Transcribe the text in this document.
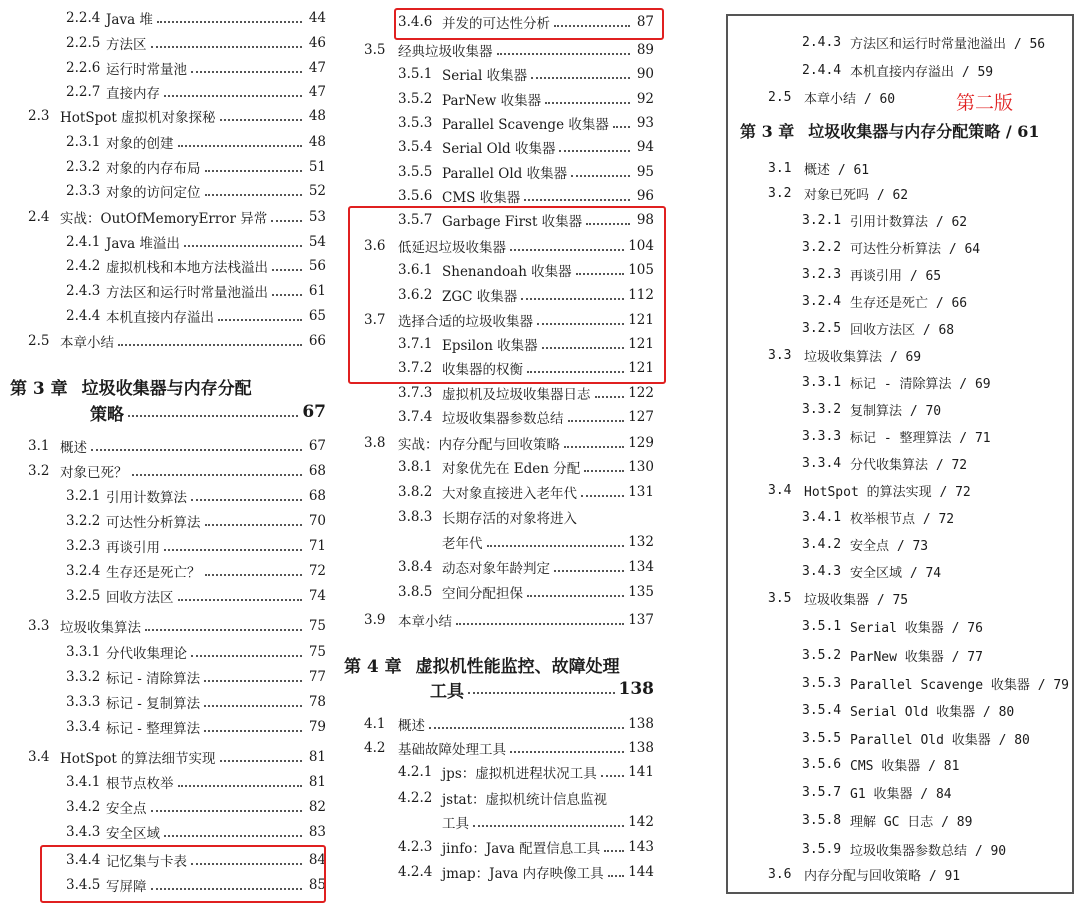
2.2.4 Java 堆	44
2.2.5 方法区	46
2.2.6 运行时常量池	47
2.2.7 直接内存	47
2.3 HotSpot 虚拟机对象探秘	48
2.3.1 对象的创建	48
2.3.2 对象的内存布局	51
2.3.3 对象的访问定位	52
2.4 实战：OutOfMemoryError 异常	53
2.4.1 Java 堆溢出	54
2.4.2 虚拟机栈和本地方法栈溢出	56
2.4.3 方法区和运行时常量池溢出	61
2.4.4 本机直接内存溢出	65
2.5 本章小结	66
第 3 章 垃圾收集器与内存分配
策略	67
3.1 概述	67
3.2 对象已死？	68
3.2.1 引用计数算法	68
3.2.2 可达性分析算法	70
3.2.3 再谈引用	71
3.2.4 生存还是死亡？	72
3.2.5 回收方法区	74
3.3 垃圾收集算法	75
3.3.1 分代收集理论	75
3.3.2 标记 - 清除算法	77
3.3.3 标记 - 复制算法	78
3.3.4 标记 - 整理算法	79
3.4 HotSpot 的算法细节实现	81
3.4.1 根节点枚举	81
3.4.2 安全点	82
3.4.3 安全区域	83
3.4.4 记忆集与卡表	84
3.4.5 写屏障	85
3.4.6 并发的可达性分析	87
3.5 经典垃圾收集器	89
3.5.1 Serial 收集器	90
3.5.2 ParNew 收集器	92
3.5.3 Parallel Scavenge 收集器 93
3.5.4 Serial Old 收集器	94
3.5.5 Parallel Old 收集器	95
3.5.6 CMS 收集器	96
3.5.7 Garbage First 收集器	98
3.6 低延迟垃圾收集器	104
3.6.1 Shenandoah 收集器	105
3.6.2 ZGC 收集器	112
3.7 选择合适的垃圾收集器	121
3.7.1 Epsilon 收集器	121
3.7.2 收集器的权衡	121
3.7.3 虚拟机及垃圾收集器日志	122
3.7.4 垃圾收集器参数总结	127
3.8 实战：内存分配与回收策略	129
3.8.1 对象优先在 Eden 分配	130
3.8.2 大对象直接进入老年代	131
3.8.3 长期存活的对象将进入
老年代	132
3.8.4 动态对象年龄判定	134
3.8.5 空间分配担保	135
3.9 本章小结	137
第 4 章 虚拟机性能监控、故障处理
工具	138
4.1 概述	138
4.2 基础故障处理工具	138
4.2.1 jps：虚拟机进程状况工具 141
4.2.2 jstat：虚拟机统计信息监视
工具	142
4.2.3 jinfo：Java 配置信息工具 143
4.2.4 jmap：Java 内存映像工具 144
第二版
2.4.3 方法区和运行时常量池溢出 / 56
2.4.4 本机直接内存溢出 / 59
2.5 本章小结 / 60
第 3 章 垃圾收集器与内存分配策略 / 61
3.1 概述 / 61
3.2 对象已死吗 / 62
3.2.1 引用计数算法 / 62
3.2.2 可达性分析算法 / 64
3.2.3 再谈引用 / 65
3.2.4 生存还是死亡 / 66
3.2.5 回收方法区 / 68
3.3 垃圾收集算法 / 69
3.3.1 标记 - 清除算法 / 69
3.3.2 复制算法 / 70
3.3.3 标记 - 整理算法 / 71
3.3.4 分代收集算法 / 72
3.4 HotSpot 的算法实现 / 72
3.4.1 枚举根节点 / 72
3.4.2 安全点 / 73
3.4.3 安全区域 / 74
3.5 垃圾收集器 / 75
3.5.1 Serial 收集器 / 76
3.5.2 ParNew 收集器 / 77
3.5.3 Parallel Scavenge 收集器 / 79
3.5.4 Serial Old 收集器 / 80
3.5.5 Parallel Old 收集器 / 80
3.5.6 CMS 收集器 / 81
3.5.7 G1 收集器 / 84
3.5.8 理解 GC 日志 / 89
3.5.9 垃圾收集器参数总结 / 90
3.6 内存分配与回收策略 / 91
